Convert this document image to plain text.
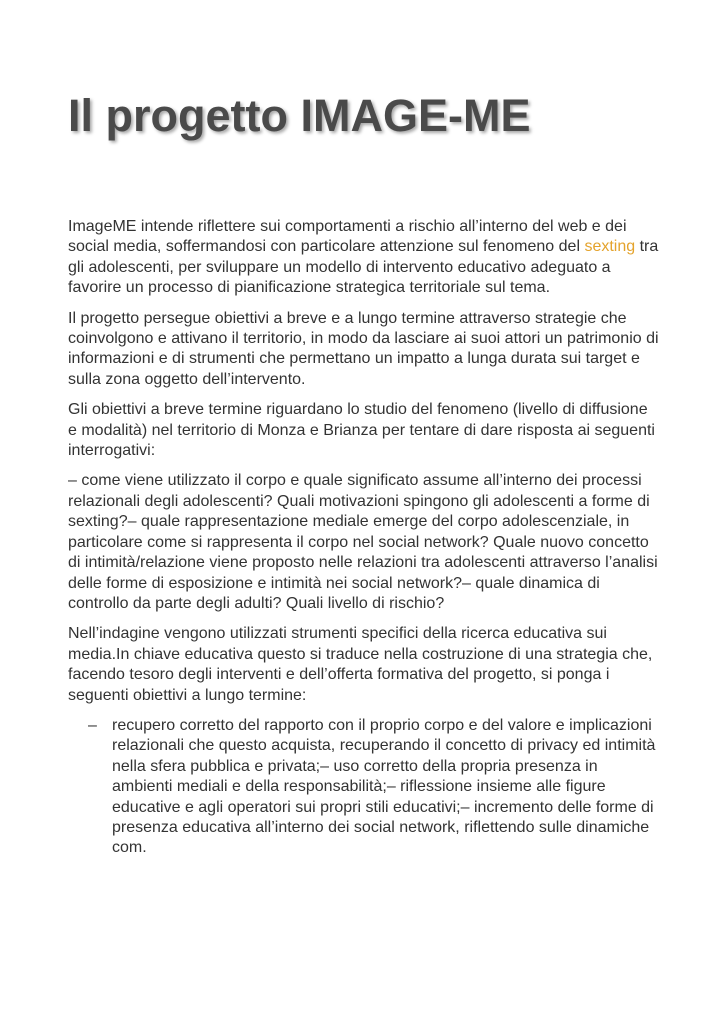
Il progetto IMAGE-ME

ImageME intende riflettere sui comportamenti a rischio all’interno del web e dei social media, soffermandosi con particolare attenzione sul fenomeno del sexting tra gli adolescenti, per sviluppare un modello di intervento educativo adeguato a favorire un processo di pianificazione strategica territoriale sul tema.

Il progetto persegue obiettivi a breve e a lungo termine attraverso strategie che coinvolgono e attivano il territorio, in modo da lasciare ai suoi attori un patrimonio di informazioni e di strumenti che permettano un impatto a lunga durata sui target e sulla zona oggetto dell’intervento.

Gli obiettivi a breve termine riguardano lo studio del fenomeno (livello di diffusione e modalità) nel territorio di Monza e Brianza per tentare di dare risposta ai seguenti interrogativi:

– come viene utilizzato il corpo e quale significato assume all’interno dei processi relazionali degli adolescenti? Quali motivazioni spingono gli adolescenti a forme di sexting?– quale rappresentazione mediale emerge del corpo adolescenziale, in particolare come si rappresenta il corpo nel social network? Quale nuovo concetto di intimità/relazione viene proposto nelle relazioni tra adolescenti attraverso l’analisi delle forme di esposizione e intimità nei social network?– quale dinamica di controllo da parte degli adulti? Quali livello di rischio?

Nell’indagine vengono utilizzati strumenti specifici della ricerca educativa sui media.In chiave educativa questo si traduce nella costruzione di una strategia che, facendo tesoro degli interventi e dell’offerta formativa del progetto, si ponga i seguenti obiettivi a lungo termine:

– recupero corretto del rapporto con il proprio corpo e del valore e implicazioni relazionali che questo acquista, recuperando il concetto di privacy ed intimità nella sfera pubblica e privata;– uso corretto della propria presenza in ambienti mediali e della responsabilità;– riflessione insieme alle figure educative e agli operatori sui propri stili educativi;– incremento delle forme di presenza educativa all’interno dei social network, riflettendo sulle dinamiche com.
